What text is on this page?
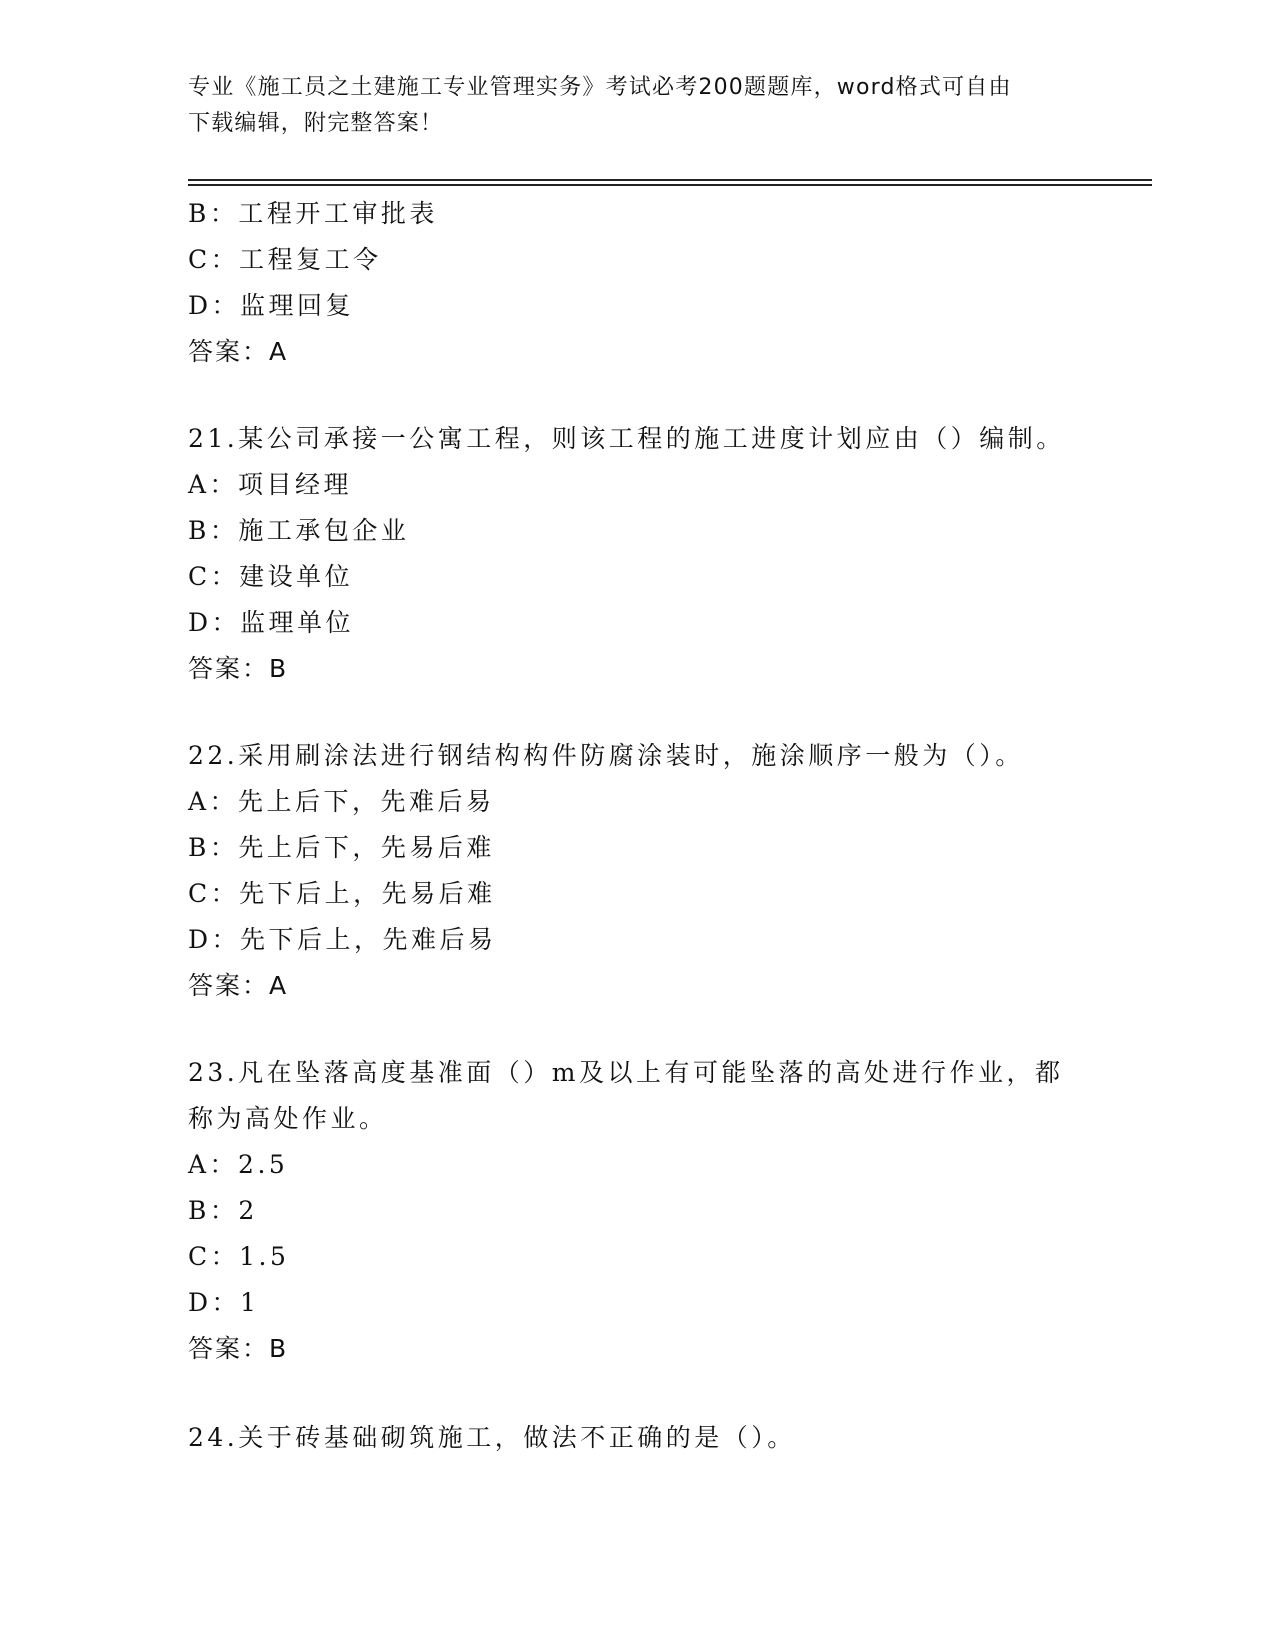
专业《施工员之土建施工专业管理实务》考试必考200题题库，word格式可自由
下载编辑，附完整答案！
B：工程开工审批表
C：工程复工令
D：监理回复
答案：A
21.某公司承接一公寓工程，则该工程的施工进度计划应由（）编制。
A：项目经理
B：施工承包企业
C：建设单位
D：监理单位
答案：B
22.采用刷涂法进行钢结构构件防腐涂装时，施涂顺序一般为（）。
A：先上后下，先难后易
B：先上后下，先易后难
C：先下后上，先易后难
D：先下后上，先难后易
答案：A
23.凡在坠落高度基准面（）m及以上有可能坠落的高处进行作业，都
称为高处作业。
A：2.5
B：2
C：1.5
D：1
答案：B
24.关于砖基础砌筑施工，做法不正确的是（）。
